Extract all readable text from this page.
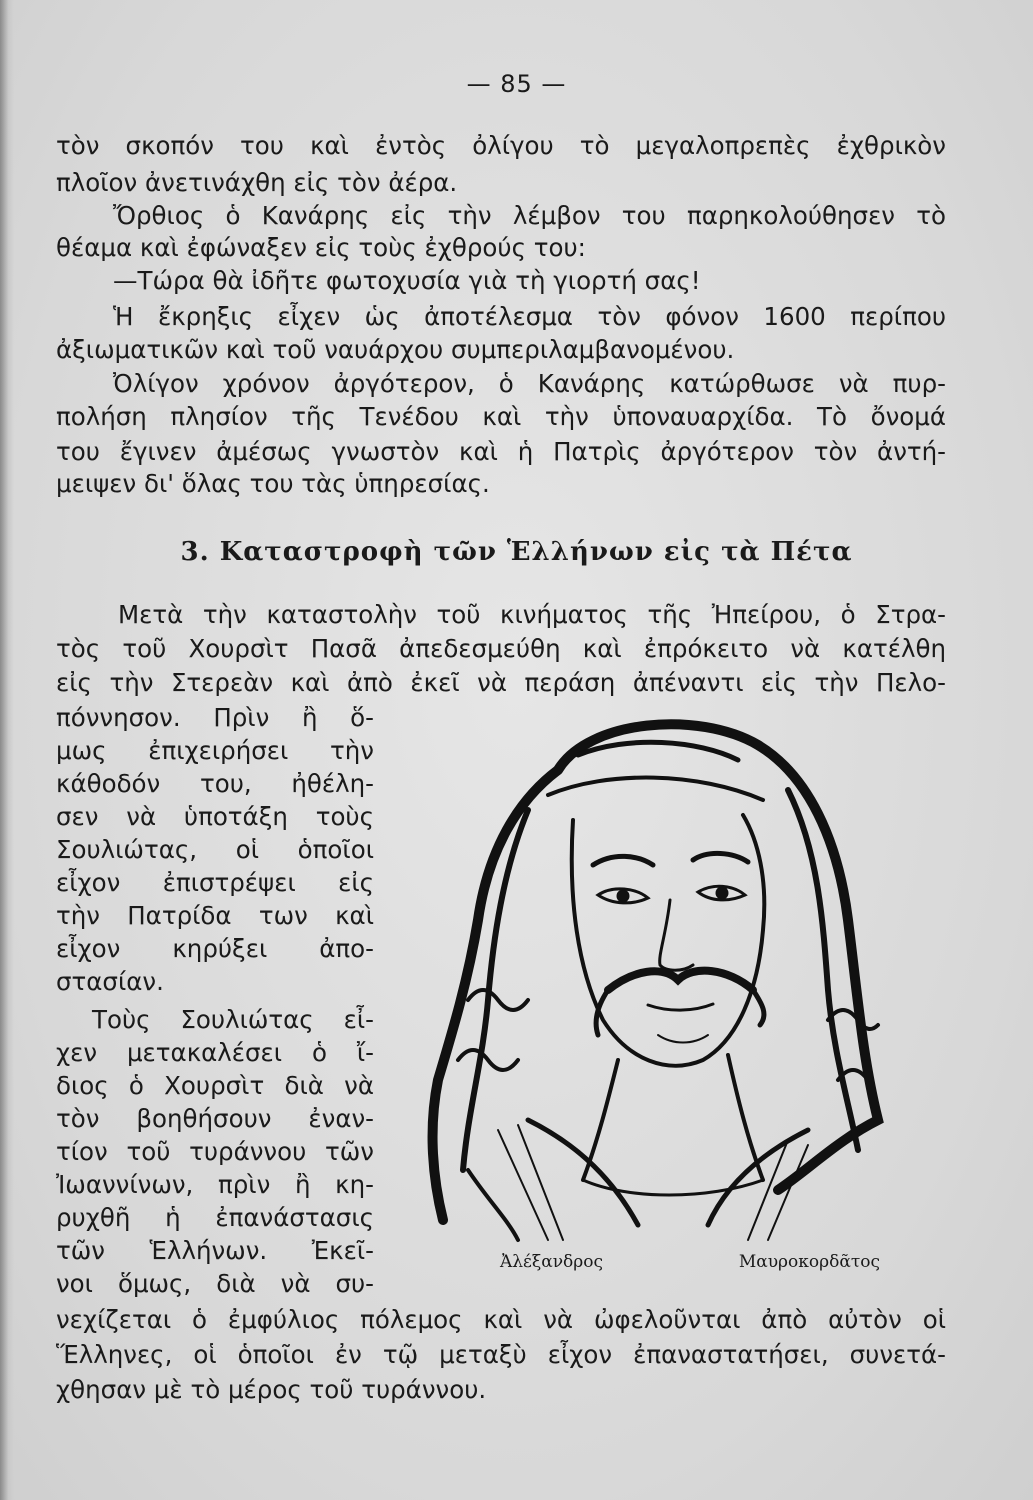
— 85 —

τὸν σκοπόν του καὶ ἐντὸς ὀλίγου τὸ μεγαλοπρεπὲς ἐχθρικὸν

πλοῖον ἀνετινάχθη εἰς τὸν ἀέρα.

Ὄρθιος ὁ Κανάρης εἰς τὴν λέμβον του παρηκολούθησεν τὸ

θέαμα καὶ ἐφώναξεν εἰς τοὺς ἐχθρούς του:

—Τώρα θὰ ἰδῆτε φωτοχυσία γιὰ τὴ γιορτή σας!

Ἡ ἔκρηξις εἶχεν ὡς ἀποτέλεσμα τὸν φόνον 1600 περίπου

ἀξιωματικῶν καὶ τοῦ ναυάρχου συμπεριλαμβανομένου.

Ὀλίγον χρόνον ἀργότερον, ὁ Κανάρης κατώρθωσε νὰ πυρ-

πολήση πλησίον τῆς Τενέδου καὶ τὴν ὑποναυαρχίδα. Τὸ ὄνομά

του ἔγινεν ἀμέσως γνωστὸν καὶ ἡ Πατρὶς ἀργότερον τὸν ἀντή-

μειψεν δι' ὅλας του τὰς ὑπηρεσίας.

3. Καταστροφὴ τῶν Ἑλλήνων εἰς τὰ Πέτα

Μετὰ τὴν καταστολὴν τοῦ κινήματος τῆς Ἠπείρου, ὁ Στρα-

τὸς τοῦ Χουρσὶτ Πασᾶ ἀπεδεσμεύθη καὶ ἐπρόκειτο νὰ κατέλθη

εἰς τὴν Στερεὰν καὶ ἀπὸ ἐκεῖ νὰ περάση ἀπέναντι εἰς τὴν Πελο-

πόννησον. Πρὶν ἢ ὅ-

μως ἐπιχειρήσει τὴν

κάθοδόν του, ἠθέλη-

σεν νὰ ὑποτάξη τοὺς

Σουλιώτας, οἱ ὁποῖοι

εἶχον ἐπιστρέψει εἰς

τὴν Πατρίδα των καὶ

εἶχον κηρύξει ἀπο-

στασίαν.

Τοὺς Σουλιώτας εἶ-

χεν μετακαλέσει ὁ ἴ-

διος ὁ Χουρσὶτ διὰ νὰ

τὸν βοηθήσουν ἐναν-

τίον τοῦ τυράννου τῶν

Ἰωαννίνων, πρὶν ἢ κη-

ρυχθῆ ἡ ἐπανάστασις

τῶν Ἑλλήνων. Ἐκεῖ-

νοι ὅμως, διὰ νὰ συ-

Ἀλέξανδρος	Μαυροκορδᾶτος

νεχίζεται ὁ ἐμφύλιος πόλεμος καὶ νὰ ὠφελοῦνται ἀπὸ αὐτὸν οἱ

Ἕλληνες, οἱ ὁποῖοι ἐν τῷ μεταξὺ εἶχον ἐπαναστατήσει, συνετά-

χθησαν μὲ τὸ μέρος τοῦ τυράννου.
